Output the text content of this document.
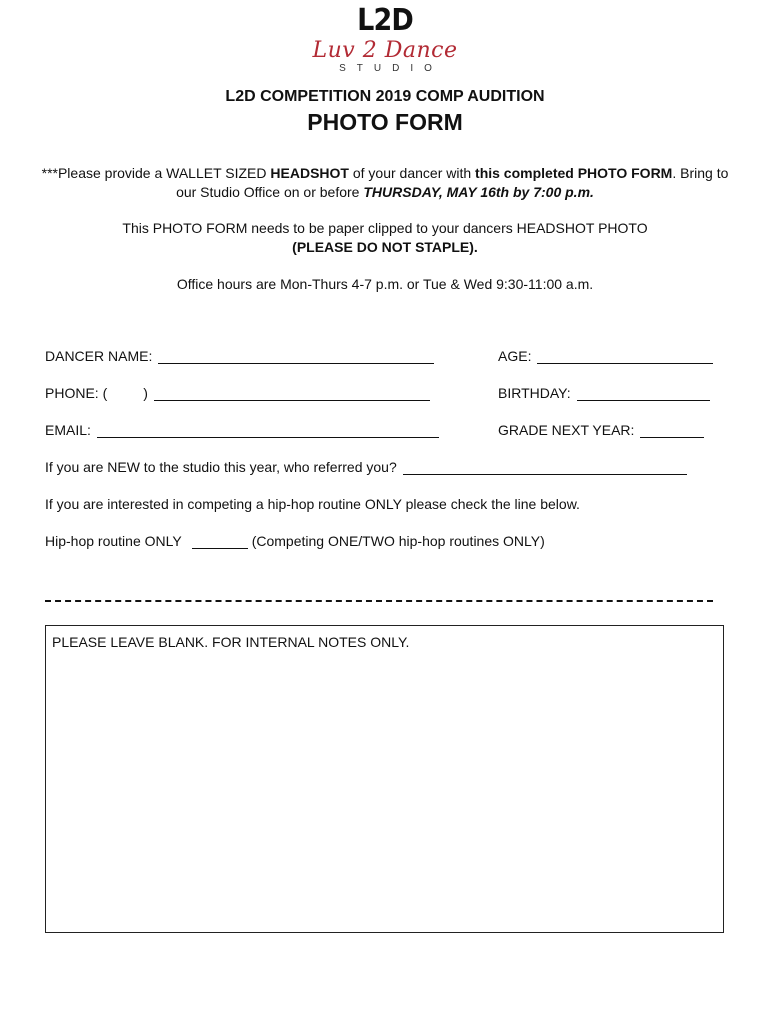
L2D
Luv 2 Dance
STUDIO
L2D COMPETITION 2019 COMP AUDITION
PHOTO FORM
***Please provide a WALLET SIZED HEADSHOT of your dancer with this completed PHOTO FORM. Bring to our Studio Office on or before THURSDAY, MAY 16th by 7:00 p.m.
This PHOTO FORM needs to be paper clipped to your dancers HEADSHOT PHOTO
(PLEASE DO NOT STAPLE).
Office hours are Mon-Thurs 4-7 p.m. or Tue & Wed 9:30-11:00 a.m.
DANCER NAME:	AGE:
PHONE: (	)	BIRTHDAY:
EMAIL:	GRADE NEXT YEAR:
If you are NEW to the studio this year, who referred you?
If you are interested in competing a hip-hop routine ONLY please check the line below.
Hip-hop routine ONLY	(Competing ONE/TWO hip-hop routines ONLY)
PLEASE LEAVE BLANK. FOR INTERNAL NOTES ONLY.
